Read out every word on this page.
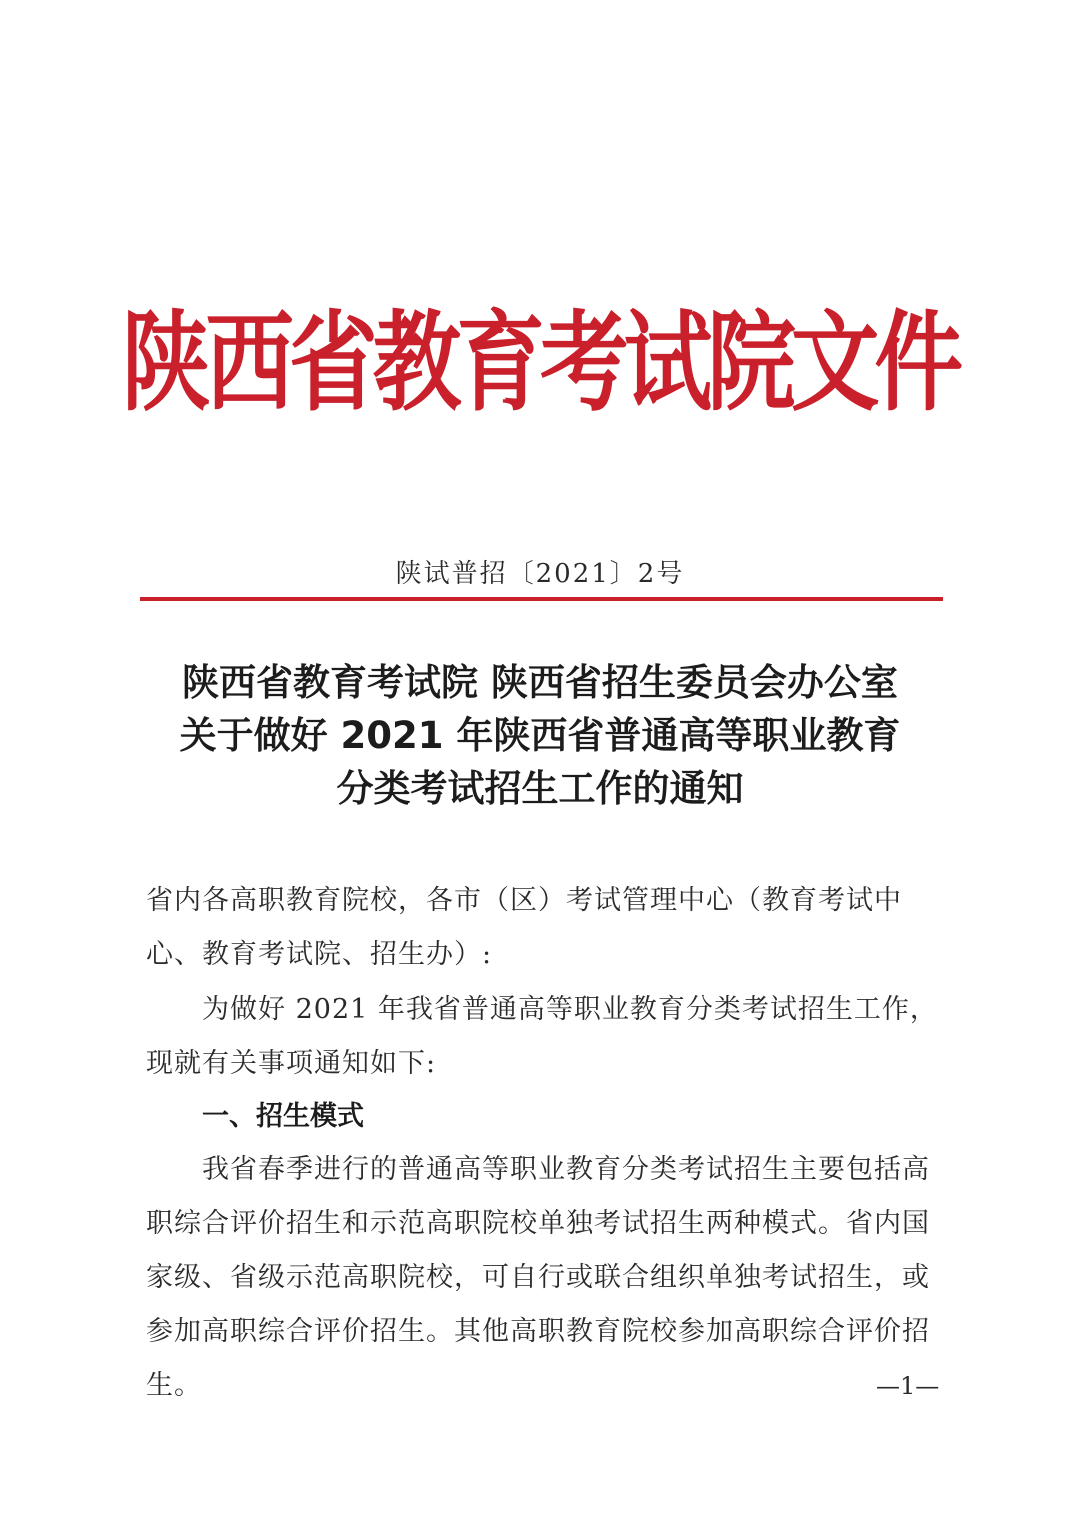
陕西省教育考试院文件
陕试普招〔2021〕2号
陕西省教育考试院 陕西省招生委员会办公室
关于做好 2021 年陕西省普通高等职业教育
分类考试招生工作的通知
省内各高职教育院校，各市（区）考试管理中心（教育考试中心、教育考试院、招生办）:

为做好 2021 年我省普通高等职业教育分类考试招生工作，现就有关事项通知如下:

一、招生模式

我省春季进行的普通高等职业教育分类考试招生主要包括高职综合评价招生和示范高职院校单独考试招生两种模式。省内国家级、省级示范高职院校，可自行或联合组织单独考试招生，或参加高职综合评价招生。其他高职教育院校参加高职综合评价招生。	—1—
